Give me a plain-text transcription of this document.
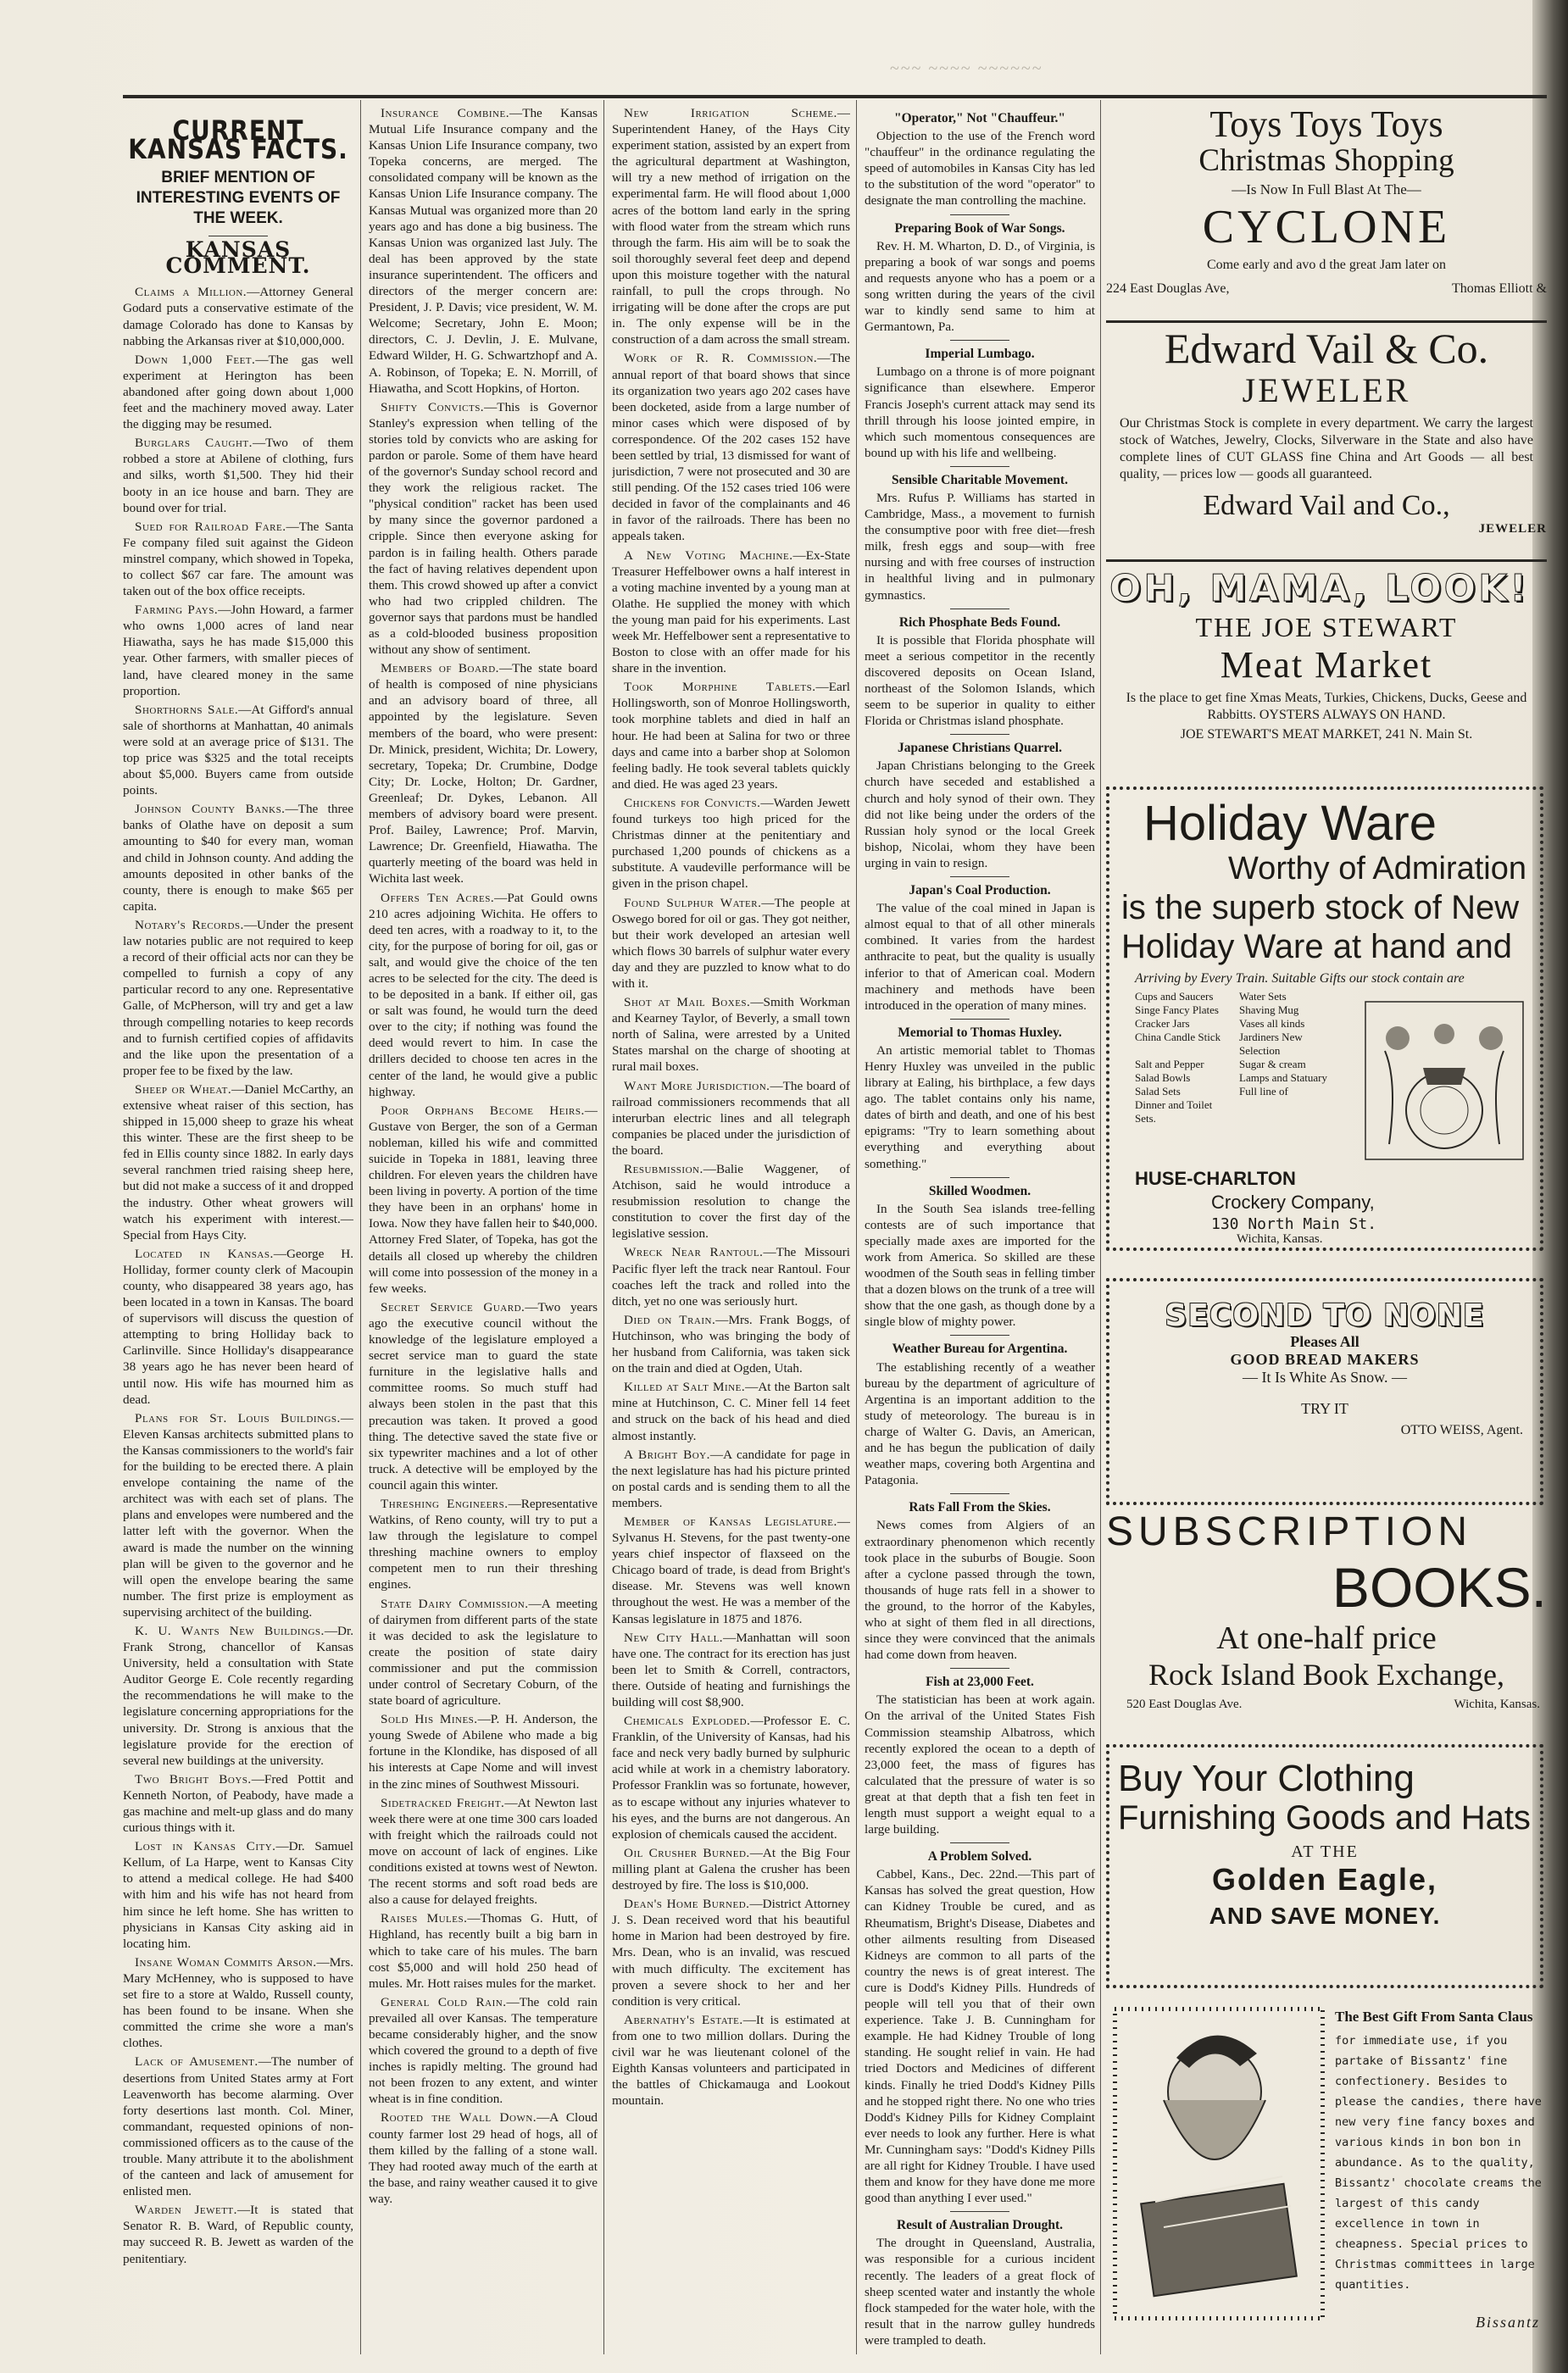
~~~ ~~~~ ~~~~~~
CURRENT KANSAS FACTS.
BRIEF MENTION OF INTERESTING EVENTS OF THE WEEK.
KANSAS COMMENT.

Claims a Million.—Attorney General Godard puts a conservative estimate of the damage Colorado has done to Kansas by nabbing the Arkansas river at $10,000,000.

Down 1,000 Feet.—The gas well experiment at Herington has been abandoned after going down about 1,000 feet and the machinery moved away. Later the digging may be resumed.

Burglars Caught.—Two of them robbed a store at Abilene of clothing, furs and silks, worth $1,500. They hid their booty in an ice house and barn. They are bound over for trial.

Sued for Railroad Fare.—The Santa Fe company filed suit against the Gideon minstrel company, which showed in Topeka, to collect $67 car fare. The amount was taken out of the box office receipts.

Farming Pays.—John Howard, a farmer who owns 1,000 acres of land near Hiawatha, says he has made $15,000 this year. Other farmers, with smaller pieces of land, have cleared money in the same proportion.

Shorthorns Sale.—At Gifford's annual sale of shorthorns at Manhattan, 40 animals were sold at an average price of $131. The top price was $325 and the total receipts about $5,000. Buyers came from outside points.

Johnson County Banks.—The three banks of Olathe have on deposit a sum amounting to $40 for every man, woman and child in Johnson county. And adding the amounts deposited in other banks of the county, there is enough to make $65 per capita.

Notary's Records.—Under the present law notaries public are not required to keep a record of their official acts nor can they be compelled to furnish a copy of any particular record to any one. Representative Galle, of McPherson, will try and get a law through compelling notaries to keep records and to furnish certified copies of affidavits and the like upon the presentation of a proper fee to be fixed by the law.

Sheep or Wheat.—Daniel McCarthy, an extensive wheat raiser of this section, has shipped in 15,000 sheep to graze his wheat this winter. These are the first sheep to be fed in Ellis county since 1882. In early days several ranchmen tried raising sheep here, but did not make a success of it and dropped the industry. Other wheat growers will watch his experiment with interest.—Special from Hays City.

Located in Kansas.—George H. Holliday, former county clerk of Macoupin county, who disappeared 38 years ago, has been located in a town in Kansas. The board of supervisors will discuss the question of attempting to bring Holliday back to Carlinville. Since Holliday's disappearance 38 years ago he has never been heard of until now. His wife has mourned him as dead.

Plans for St. Louis Buildings.—Eleven Kansas architects submitted plans to the Kansas commissioners to the world's fair for the building to be erected there. A plain envelope containing the name of the architect was with each set of plans. The plans and envelopes were numbered and the latter left with the governor. When the award is made the number on the winning plan will be given to the governor and he will open the envelope bearing the same number. The first prize is employment as supervising architect of the building.

K. U. Wants New Buildings.—Dr. Frank Strong, chancellor of Kansas University, held a consultation with State Auditor George E. Cole recently regarding the recommendations he will make to the legislature concerning appropriations for the university. Dr. Strong is anxious that the legislature provide for the erection of several new buildings at the university.

Two Bright Boys.—Fred Pottit and Kenneth Norton, of Peabody, have made a gas machine and melt-up glass and do many curious things with it.

Lost in Kansas City.—Dr. Samuel Kellum, of La Harpe, went to Kansas City to attend a medical college. He had $400 with him and his wife has not heard from him since he left home. She has written to physicians in Kansas City asking aid in locating him.

Insane Woman Commits Arson.—Mrs. Mary McHenney, who is supposed to have set fire to a store at Waldo, Russell county, has been found to be insane. When she committed the crime she wore a man's clothes.

Lack of Amusement.—The number of desertions from United States army at Fort Leavenworth has become alarming. Over forty desertions last month. Col. Miner, commandant, requested opinions of non-commissioned officers as to the cause of the trouble. Many attribute it to the abolishment of the canteen and lack of amusement for enlisted men.

Warden Jewett.—It is stated that Senator R. B. Ward, of Republic county, may succeed R. B. Jewett as warden of the penitentiary.

Insurance Combine.—The Kansas Mutual Life Insurance company and the Kansas Union Life Insurance company, two Topeka concerns, are merged. The consolidated company will be known as the Kansas Union Life Insurance company. The Kansas Mutual was organized more than 20 years ago and has done a big business. The Kansas Union was organized last July. The deal has been approved by the state insurance superintendent. The officers and directors of the merger concern are: President, J. P. Davis; vice president, W. M. Welcome; Secretary, John E. Moon; directors, C. J. Devlin, J. E. Mulvane, Edward Wilder, H. G. Schwartzhopf and A. A. Robinson, of Topeka; E. N. Morrill, of Hiawatha, and Scott Hopkins, of Horton.

Shifty Convicts.—This is Governor Stanley's expression when telling of the stories told by convicts who are asking for pardon or parole. Some of them have heard of the governor's Sunday school record and they work the religious racket. The "physical condition" racket has been used by many since the governor pardoned a cripple. Since then everyone asking for pardon is in failing health. Others parade the fact of having relatives dependent upon them. This crowd showed up after a convict who had two crippled children. The governor says that pardons must be handled as a cold-blooded business proposition without any show of sentiment.

Members of Board.—The state board of health is composed of nine physicians and an advisory board of three, all appointed by the legislature. Seven members of the board, who were present: Dr. Minick, president, Wichita; Dr. Lowery, secretary, Topeka; Dr. Crumbine, Dodge City; Dr. Locke, Holton; Dr. Gardner, Greenleaf; Dr. Dykes, Lebanon. All members of advisory board were present. Prof. Bailey, Lawrence; Prof. Marvin, Lawrence; Dr. Greenfield, Hiawatha. The quarterly meeting of the board was held in Wichita last week.

Offers Ten Acres.—Pat Gould owns 210 acres adjoining Wichita. He offers to deed ten acres, with a roadway to it, to the city, for the purpose of boring for oil, gas or salt, and would give the choice of the ten acres to be selected for the city. The deed is to be deposited in a bank. If either oil, gas or salt was found, he would turn the deed over to the city; if nothing was found the deed would revert to him. In case the drillers decided to choose ten acres in the center of the land, he would give a public highway.

Poor Orphans Become Heirs.—Gustave von Berger, the son of a German nobleman, killed his wife and committed suicide in Topeka in 1881, leaving three children. For eleven years the children have been living in poverty. A portion of the time they have been in an orphans' home in Iowa. Now they have fallen heir to $40,000. Attorney Fred Slater, of Topeka, has got the details all closed up whereby the children will come into possession of the money in a few weeks.

Secret Service Guard.—Two years ago the executive council without the knowledge of the legislature employed a secret service man to guard the state furniture in the legislative halls and committee rooms. So much stuff had always been stolen in the past that this precaution was taken. It proved a good thing. The detective saved the state five or six typewriter machines and a lot of other truck. A detective will be employed by the council again this winter.

Threshing Engineers.—Representative Watkins, of Reno county, will try to put a law through the legislature to compel threshing machine owners to employ competent men to run their threshing engines.

State Dairy Commission.—A meeting of dairymen from different parts of the state it was decided to ask the legislature to create the position of state dairy commissioner and put the commission under control of Secretary Coburn, of the state board of agriculture.

Sold His Mines.—P. H. Anderson, the young Swede of Abilene who made a big fortune in the Klondike, has disposed of all his interests at Cape Nome and will invest in the zinc mines of Southwest Missouri.

Sidetracked Freight.—At Newton last week there were at one time 300 cars loaded with freight which the railroads could not move on account of lack of engines. Like conditions existed at towns west of Newton. The recent storms and soft road beds are also a cause for delayed freights.

Raises Mules.—Thomas G. Hutt, of Highland, has recently built a big barn in which to take care of his mules. The barn cost $5,000 and will hold 250 head of mules. Mr. Hott raises mules for the market.

General Cold Rain.—The cold rain prevailed all over Kansas. The temperature became considerably higher, and the snow which covered the ground to a depth of five inches is rapidly melting. The ground had not been frozen to any extent, and winter wheat is in fine condition.

Rooted the Wall Down.—A Cloud county farmer lost 29 head of hogs, all of them killed by the falling of a stone wall. They had rooted away much of the earth at the base, and rainy weather caused it to give way.

New Irrigation Scheme.—Superintendent Haney, of the Hays City experiment station, assisted by an expert from the agricultural department at Washington, will try a new method of irrigation on the experimental farm. He will flood about 1,000 acres of the bottom land early in the spring with flood water from the stream which runs through the farm. His aim will be to soak the soil thoroughly several feet deep and depend upon this moisture together with the natural rainfall, to pull the crops through. No irrigating will be done after the crops are put in. The only expense will be in the construction of a dam across the small stream.

Work of R. R. Commission.—The annual report of that board shows that since its organization two years ago 202 cases have been docketed, aside from a large number of minor cases which were disposed of by correspondence. Of the 202 cases 152 have been settled by trial, 13 dismissed for want of jurisdiction, 7 were not prosecuted and 30 are still pending. Of the 152 cases tried 106 were decided in favor of the complainants and 46 in favor of the railroads. There has been no appeals taken.

A New Voting Machine.—Ex-State Treasurer Heffelbower owns a half interest in a voting machine invented by a young man at Olathe. He supplied the money with which the young man paid for his experiments. Last week Mr. Heffelbower sent a representative to Boston to close with an offer made for his share in the invention.

Took Morphine Tablets.—Earl Hollingsworth, son of Monroe Hollingsworth, took morphine tablets and died in half an hour. He had been at Salina for two or three days and came into a barber shop at Solomon feeling badly. He took several tablets quickly and died. He was aged 23 years.

Chickens for Convicts.—Warden Jewett found turkeys too high priced for the Christmas dinner at the penitentiary and purchased 1,200 pounds of chickens as a substitute. A vaudeville performance will be given in the prison chapel.

Found Sulphur Water.—The people at Oswego bored for oil or gas. They got neither, but their work developed an artesian well which flows 30 barrels of sulphur water every day and they are puzzled to know what to do with it.

Shot at Mail Boxes.—Smith Workman and Kearney Taylor, of Beverly, a small town north of Salina, were arrested by a United States marshal on the charge of shooting at rural mail boxes.

Want More Jurisdiction.—The board of railroad commissioners recommends that all interurban electric lines and all telegraph companies be placed under the jurisdiction of the board.

Resubmission.—Balie Waggener, of Atchison, said he would introduce a resubmission resolution to change the constitution to cover the first day of the legislative session.

Wreck Near Rantoul.—The Missouri Pacific flyer left the track near Rantoul. Four coaches left the track and rolled into the ditch, yet no one was seriously hurt.

Died on Train.—Mrs. Frank Boggs, of Hutchinson, who was bringing the body of her husband from California, was taken sick on the train and died at Ogden, Utah.

Killed at Salt Mine.—At the Barton salt mine at Hutchinson, C. C. Miner fell 14 feet and struck on the back of his head and died almost instantly.

A Bright Boy.—A candidate for page in the next legislature has had his picture printed on postal cards and is sending them to all the members.

Member of Kansas Legislature.—Sylvanus H. Stevens, for the past twenty-one years chief inspector of flaxseed on the Chicago board of trade, is dead from Bright's disease. Mr. Stevens was well known throughout the west. He was a member of the Kansas legislature in 1875 and 1876.

New City Hall.—Manhattan will soon have one. The contract for its erection has just been let to Smith & Correll, contractors, there. Outside of heating and furnishings the building will cost $8,900.

Chemicals Exploded.—Professor E. C. Franklin, of the University of Kansas, had his face and neck very badly burned by sulphuric acid while at work in a chemistry laboratory. Professor Franklin was so fortunate, however, as to escape without any injuries whatever to his eyes, and the burns are not dangerous. An explosion of chemicals caused the accident.

Oil Crusher Burned.—At the Big Four milling plant at Galena the crusher has been destroyed by fire. The loss is $10,000.

Dean's Home Burned.—District Attorney J. S. Dean received word that his beautiful home in Marion had been destroyed by fire. Mrs. Dean, who is an invalid, was rescued with much difficulty. The excitement has proven a severe shock to her and her condition is very critical.

Abernathy's Estate.—It is estimated at from one to two million dollars. During the civil war he was lieutenant colonel of the Eighth Kansas volunteers and participated in the battles of Chickamauga and Lookout mountain.

"Operator," Not "Chauffeur."

Objection to the use of the French word "chauffeur" in the ordinance regulating the speed of automobiles in Kansas City has led to the substitution of the word "operator" to designate the man controlling the machine.

Preparing Book of War Songs.

Rev. H. M. Wharton, D. D., of Virginia, is preparing a book of war songs and poems and requests anyone who has a poem or a song written during the years of the civil war to kindly send same to him at Germantown, Pa.

Imperial Lumbago.

Lumbago on a throne is of more poignant significance than elsewhere. Emperor Francis Joseph's current attack may send its thrill through his loose jointed empire, in which such momentous consequences are bound up with his life and wellbeing.

Sensible Charitable Movement.

Mrs. Rufus P. Williams has started in Cambridge, Mass., a movement to furnish the consumptive poor with free diet—fresh milk, fresh eggs and soup—with free nursing and with free courses of instruction in healthful living and in pulmonary gymnastics.

Rich Phosphate Beds Found.

It is possible that Florida phosphate will meet a serious competitor in the recently discovered deposits on Ocean Island, northeast of the Solomon Islands, which seem to be superior in quality to either Florida or Christmas island phosphate.

Japanese Christians Quarrel.

Japan Christians belonging to the Greek church have seceded and established a church and holy synod of their own. They did not like being under the orders of the Russian holy synod or the local Greek bishop, Nicolai, whom they have been urging in vain to resign.

Japan's Coal Production.

The value of the coal mined in Japan is almost equal to that of all other minerals combined. It varies from the hardest anthracite to peat, but the quality is usually inferior to that of American coal. Modern machinery and methods have been introduced in the operation of many mines.

Memorial to Thomas Huxley.

An artistic memorial tablet to Thomas Henry Huxley was unveiled in the public library at Ealing, his birthplace, a few days ago. The tablet contains only his name, dates of birth and death, and one of his best epigrams: "Try to learn something about everything and everything about something."

Skilled Woodmen.

In the South Sea islands tree-felling contests are of such importance that specially made axes are imported for the work from America. So skilled are these woodmen of the South seas in felling timber that a dozen blows on the trunk of a tree will show that the one gash, as though done by a single blow of mighty power.

Weather Bureau for Argentina.

The establishing recently of a weather bureau by the department of agriculture of Argentina is an important addition to the study of meteorology. The bureau is in charge of Walter G. Davis, an American, and he has begun the publication of daily weather maps, covering both Argentina and Patagonia.

Rats Fall From the Skies.

News comes from Algiers of an extraordinary phenomenon which recently took place in the suburbs of Bougie. Soon after a cyclone passed through the town, thousands of huge rats fell in a shower to the ground, to the horror of the Kabyles, who at sight of them fled in all directions, since they were convinced that the animals had come down from heaven.

Fish at 23,000 Feet.

The statistician has been at work again. On the arrival of the United States Fish Commission steamship Albatross, which recently explored the ocean to a depth of 23,000 feet, the mass of figures has calculated that the pressure of water is so great at that depth that a fish ten feet in length must support a weight equal to a large building.

A Problem Solved.

Cabbel, Kans., Dec. 22nd.—This part of Kansas has solved the great question, How can Kidney Trouble be cured, and as Rheumatism, Bright's Disease, Diabetes and other ailments resulting from Diseased Kidneys are common to all parts of the country the news is of great interest. The cure is Dodd's Kidney Pills. Hundreds of people will tell you that of their own experience. Take J. B. Cunningham for example. He had Kidney Trouble of long standing. He sought relief in vain. He had tried Doctors and Medicines of different kinds. Finally he tried Dodd's Kidney Pills and he stopped right there. No one who tries Dodd's Kidney Pills for Kidney Complaint ever needs to look any further. Here is what Mr. Cunningham says: "Dodd's Kidney Pills are all right for Kidney Trouble. I have used them and know for they have done me more good than anything I ever used."

Result of Australian Drought.

The drought in Queensland, Australia, was responsible for a curious incident recently. The leaders of a great flock of sheep scented water and instantly the whole flock stampeded for the water hole, with the result that in the narrow gulley hundreds were trampled to death.

Toys Toys Toys
Christmas Shopping
—Is Now In Full Blast At The—
CYCLONE
Come early and avo d the great Jam later on
224 East Douglas Ave,	Thomas Elliott &
Edward Vail & Co.
JEWELER
Our Christmas Stock is complete in every department. We carry the largest stock of Watches, Jewelry, Clocks, Silverware in the State and also have complete lines of CUT GLASS fine China and Art Goods — all best quality, — prices low — goods all guaranteed.
Edward Vail and Co.,
JEWELER
OH, MAMA, LOOK!
THE JOE STEWART
Meat Market
Is the place to get fine Xmas Meats, Turkies, Chickens, Ducks, Geese and Rabbitts. OYSTERS ALWAYS ON HAND.
JOE STEWART'S MEAT MARKET, 241 N. Main St.
Holiday Ware
Worthy of Admiration
is the superb stock of New
Holiday Ware at hand and
Arriving by Every Train. Suitable Gifts our stock contain are
Cups and Saucers	Water Sets
Singe Fancy Plates	Shaving Mug
Cracker Jars	Vases all kinds
China Candle Stick	Jardiners New Selection
Salt and Pepper	Sugar & cream
Salad Bowls	Lamps and Statuary
Salad Sets	Full line of
Dinner and Toilet Sets.
HUSE-CHARLTON
Crockery Company,
130 North Main St.
Wichita, Kansas.
SECOND TO NONE
Pleases All
GOOD BREAD MAKERS
— It Is White As Snow. —
TRY IT
OTTO WEISS, Agent.
SUBSCRIPTION
BOOKS.
At one-half price
Rock Island Book Exchange,
520 East Douglas Ave.	Wichita, Kansas.
Buy Your Clothing
Furnishing Goods and Hats
AT THE
Golden Eagle,
AND SAVE MONEY.
The Best Gift From Santa Claus
for immediate use, if you partake of Bissantz' fine confectionery. Besides to please the candies, there have new very fine fancy boxes and various kinds in bon bon in abundance. As to the quality, Bissantz' chocolate creams the largest of this candy excellence in town in cheapness. Special prices to Christmas committees in large quantities.
Bissantz
